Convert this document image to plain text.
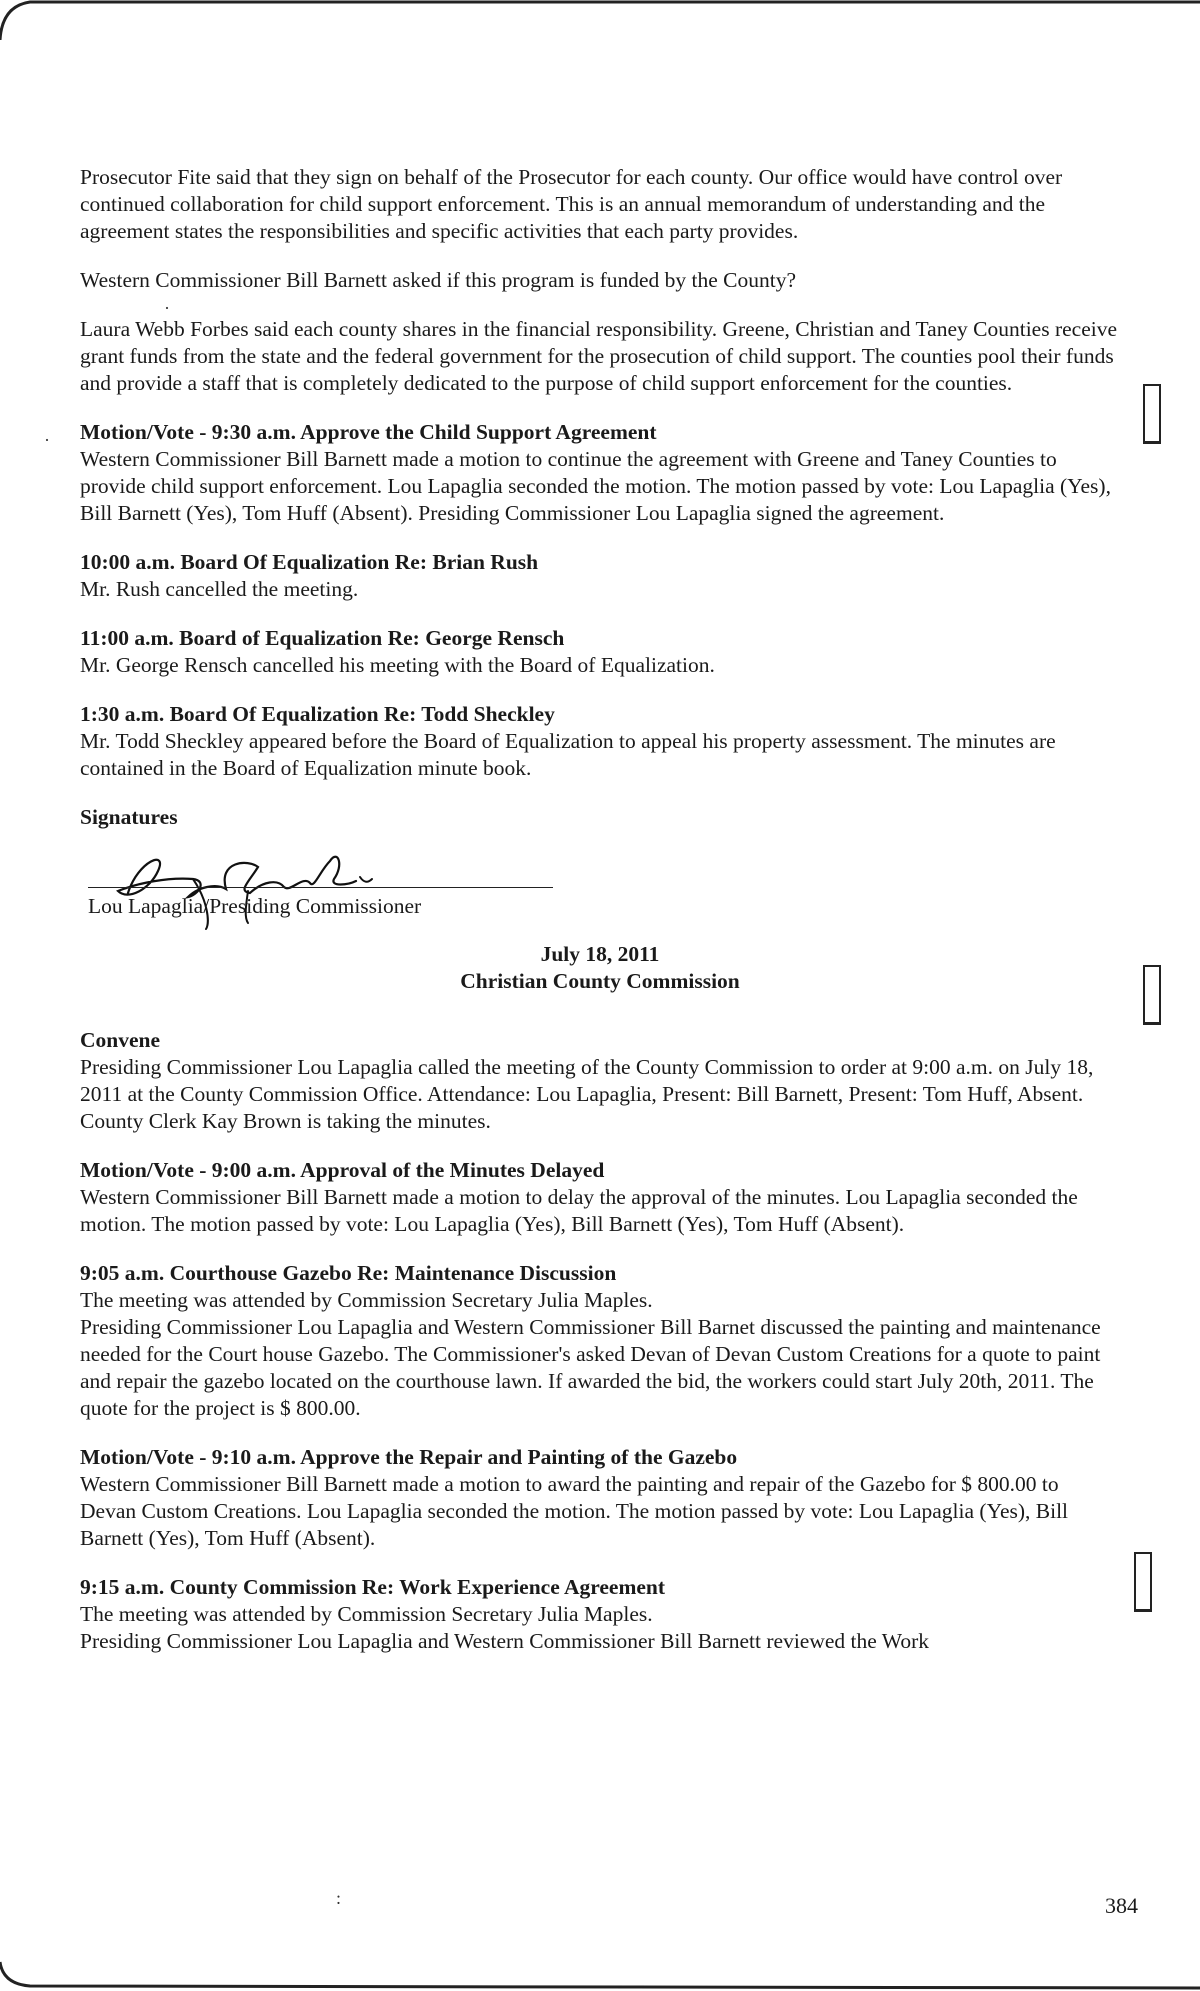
Prosecutor Fite said that they sign on behalf of the Prosecutor for each county. Our office would have control over continued collaboration for child support enforcement. This is an annual memorandum of understanding and the agreement states the responsibilities and specific activities that each party provides.

Western Commissioner Bill Barnett asked if this program is funded by the County?

Laura Webb Forbes said each county shares in the financial responsibility. Greene, Christian and Taney Counties receive grant funds from the state and the federal government for the prosecution of child support. The counties pool their funds and provide a staff that is completely dedicated to the purpose of child support enforcement for the counties.

Motion/Vote - 9:30 a.m. Approve the Child Support Agreement

Western Commissioner Bill Barnett made a motion to continue the agreement with Greene and Taney Counties to provide child support enforcement. Lou Lapaglia seconded the motion. The motion passed by vote: Lou Lapaglia (Yes), Bill Barnett (Yes), Tom Huff (Absent). Presiding Commissioner Lou Lapaglia signed the agreement.

10:00 a.m. Board Of Equalization Re: Brian Rush

Mr. Rush cancelled the meeting.

11:00 a.m. Board of Equalization Re: George Rensch

Mr. George Rensch cancelled his meeting with the Board of Equalization.

1:30 a.m. Board Of Equalization Re: Todd Sheckley

Mr. Todd Sheckley appeared before the Board of Equalization to appeal his property assessment. The minutes are contained in the Board of Equalization minute book.

Signatures

Lou Lapaglia/Presiding Commissioner

July 18, 2011

Christian County Commission

Convene

Presiding Commissioner Lou Lapaglia called the meeting of the County Commission to order at 9:00 a.m. on July 18, 2011 at the County Commission Office. Attendance: Lou Lapaglia, Present: Bill Barnett, Present: Tom Huff, Absent. County Clerk Kay Brown is taking the minutes.

Motion/Vote - 9:00 a.m. Approval of the Minutes Delayed

Western Commissioner Bill Barnett made a motion to delay the approval of the minutes. Lou Lapaglia seconded the motion. The motion passed by vote: Lou Lapaglia (Yes), Bill Barnett (Yes), Tom Huff (Absent).

9:05 a.m. Courthouse Gazebo Re: Maintenance Discussion

The meeting was attended by Commission Secretary Julia Maples.

Presiding Commissioner Lou Lapaglia and Western Commissioner Bill Barnet discussed the painting and maintenance needed for the Court house Gazebo. The Commissioner's asked Devan of Devan Custom Creations for a quote to paint and repair the gazebo located on the courthouse lawn. If awarded the bid, the workers could start July 20th, 2011. The quote for the project is $ 800.00.

Motion/Vote - 9:10 a.m. Approve the Repair and Painting of the Gazebo

Western Commissioner Bill Barnett made a motion to award the painting and repair of the Gazebo for $ 800.00 to Devan Custom Creations. Lou Lapaglia seconded the motion. The motion passed by vote: Lou Lapaglia (Yes), Bill Barnett (Yes), Tom Huff (Absent).

9:15 a.m. County Commission Re: Work Experience Agreement

The meeting was attended by Commission Secretary Julia Maples.

Presiding Commissioner Lou Lapaglia and Western Commissioner Bill Barnett reviewed the Work

·
·
:	384
